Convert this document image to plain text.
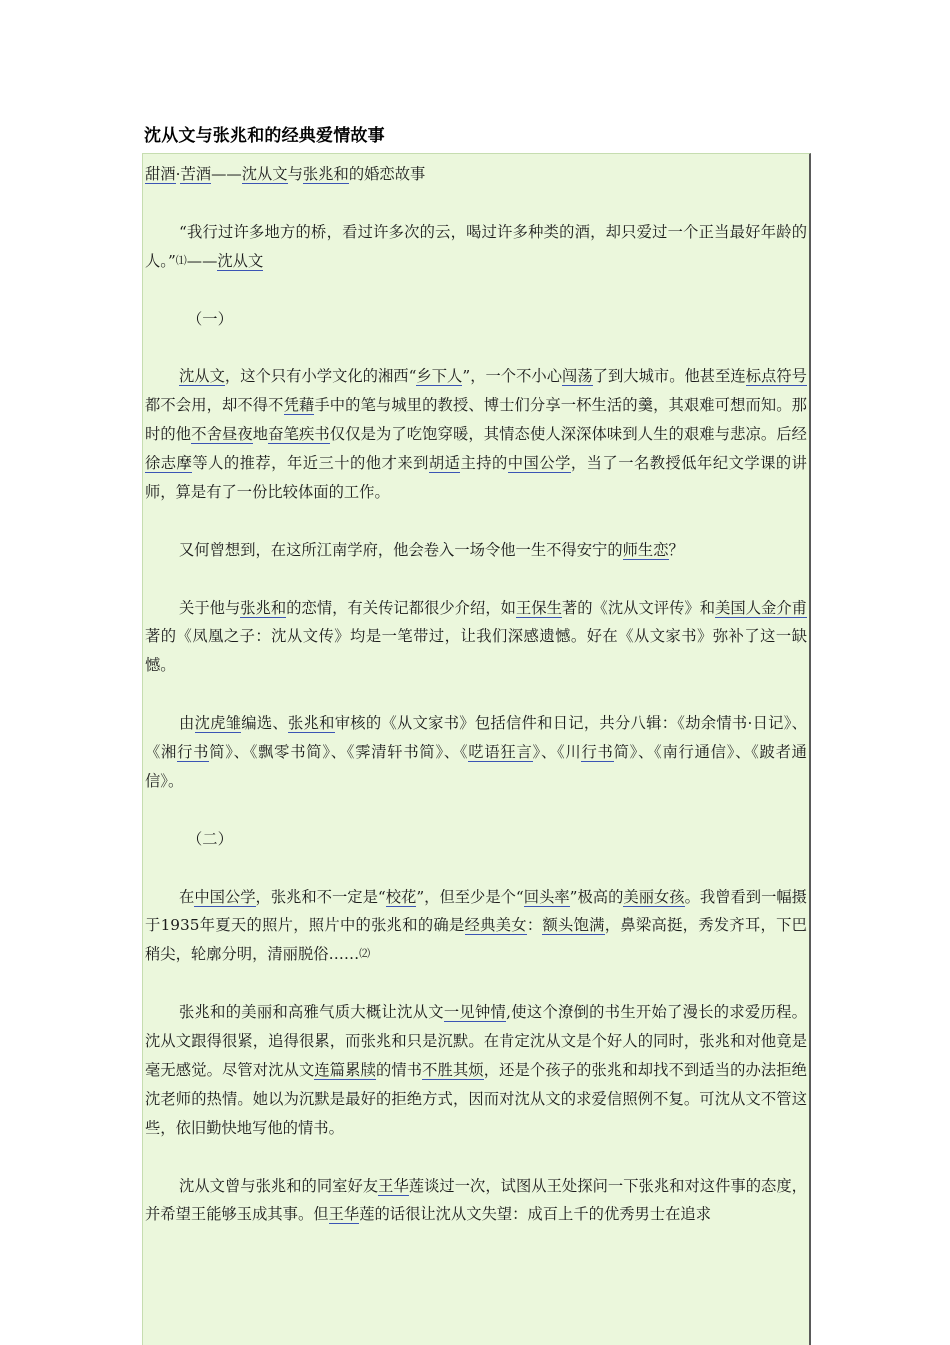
沈从文与张兆和的经典爱情故事

甜酒·苦酒——沈从文与张兆和的婚恋故事

“我行过许多地方的桥，看过许多次的云，喝过许多种类的酒，却只爱过一个正当最好年龄的人。”⑴——沈从文

（一）

沈从文，这个只有小学文化的湘西“乡下人”，一个不小心闯荡了到大城市。他甚至连标点符号都不会用，却不得不凭藉手中的笔与城里的教授、博士们分享一杯生活的羹，其艰难可想而知。那时的他不舍昼夜地奋笔疾书仅仅是为了吃饱穿暖，其情态使人深深体味到人生的艰难与悲凉。后经徐志摩等人的推荐，年近三十的他才来到胡适主持的中国公学，当了一名教授低年纪文学课的讲师，算是有了一份比较体面的工作。

又何曾想到，在这所江南学府，他会卷入一场令他一生不得安宁的师生恋？

关于他与张兆和的恋情，有关传记都很少介绍，如王保生著的《沈从文评传》和美国人金介甫著的《凤凰之子：沈从文传》均是一笔带过，让我们深感遗憾。好在《从文家书》弥补了这一缺憾。

由沈虎雏编选、张兆和审核的《从文家书》包括信件和日记，共分八辑：《劫余情书·日记》、《湘行书简》、《飘零书简》、《霁清轩书简》、《呓语狂言》、《川行书简》、《南行通信》、《跛者通信》。

（二）

在中国公学，张兆和不一定是“校花”，但至少是个“回头率”极高的美丽女孩。我曾看到一幅摄于1935年夏天的照片，照片中的张兆和的确是经典美女：额头饱满，鼻梁高挺，秀发齐耳，下巴稍尖，轮廓分明，清丽脱俗……⑵

张兆和的美丽和高雅气质大概让沈从文一见钟情,使这个潦倒的书生开始了漫长的求爱历程。沈从文跟得很紧，追得很累，而张兆和只是沉默。在肯定沈从文是个好人的同时，张兆和对他竟是毫无感觉。尽管对沈从文连篇累牍的情书不胜其烦，还是个孩子的张兆和却找不到适当的办法拒绝沈老师的热情。她以为沉默是最好的拒绝方式，因而对沈从文的求爱信照例不复。可沈从文不管这些，依旧勤快地写他的情书。

沈从文曾与张兆和的同室好友王华莲谈过一次，试图从王处探问一下张兆和对这件事的态度，并希望王能够玉成其事。但王华莲的话很让沈从文失望：成百上千的优秀男士在追求
